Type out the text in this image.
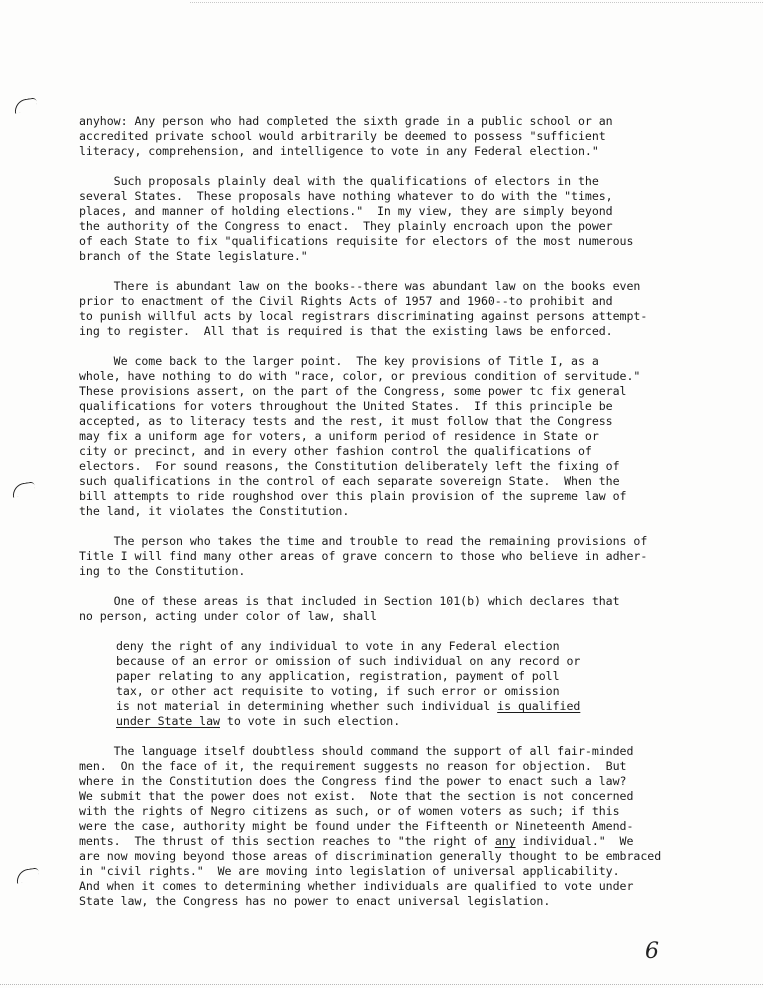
anyhow: Any person who had completed the sixth grade in a public school or an
accredited private school would arbitrarily be deemed to possess "sufficient
literacy, comprehension, and intelligence to vote in any Federal election."
Such proposals plainly deal with the qualifications of electors in the
several States.  These proposals have nothing whatever to do with the "times,
places, and manner of holding elections."  In my view, they are simply beyond
the authority of the Congress to enact.  They plainly encroach upon the power
of each State to fix "qualifications requisite for electors of the most numerous
branch of the State legislature."
There is abundant law on the books--there was abundant law on the books even
prior to enactment of the Civil Rights Acts of 1957 and 1960--to prohibit and
to punish willful acts by local registrars discriminating against persons attempt-
ing to register.  All that is required is that the existing laws be enforced.
We come back to the larger point.  The key provisions of Title I, as a
whole, have nothing to do with "race, color, or previous condition of servitude."
These provisions assert, on the part of the Congress, some power tc fix general
qualifications for voters throughout the United States.  If this principle be
accepted, as to literacy tests and the rest, it must follow that the Congress
may fix a uniform age for voters, a uniform period of residence in State or
city or precinct, and in every other fashion control the qualifications of
electors.  For sound reasons, the Constitution deliberately left the fixing of
such qualifications in the control of each separate sovereign State.  When the
bill attempts to ride roughshod over this plain provision of the supreme law of
the land, it violates the Constitution.
The person who takes the time and trouble to read the remaining provisions of
Title I will find many other areas of grave concern to those who believe in adher-
ing to the Constitution.
One of these areas is that included in Section 101(b) which declares that
no person, acting under color of law, shall
deny the right of any individual to vote in any Federal election
because of an error or omission of such individual on any record or
paper relating to any application, registration, payment of poll
tax, or other act requisite to voting, if such error or omission
is not material in determining whether such individual is qualified
under State law to vote in such election.
The language itself doubtless should command the support of all fair-minded
men.  On the face of it, the requirement suggests no reason for objection.  But
where in the Constitution does the Congress find the power to enact such a law?
We submit that the power does not exist.  Note that the section is not concerned
with the rights of Negro citizens as such, or of women voters as such; if this
were the case, authority might be found under the Fifteenth or Nineteenth Amend-
ments.  The thrust of this section reaches to "the right of any individual."  We
are now moving beyond those areas of discrimination generally thought to be embraced
in "civil rights."  We are moving into legislation of universal applicability.
And when it comes to determining whether individuals are qualified to vote under
State law, the Congress has no power to enact universal legislation.
6
